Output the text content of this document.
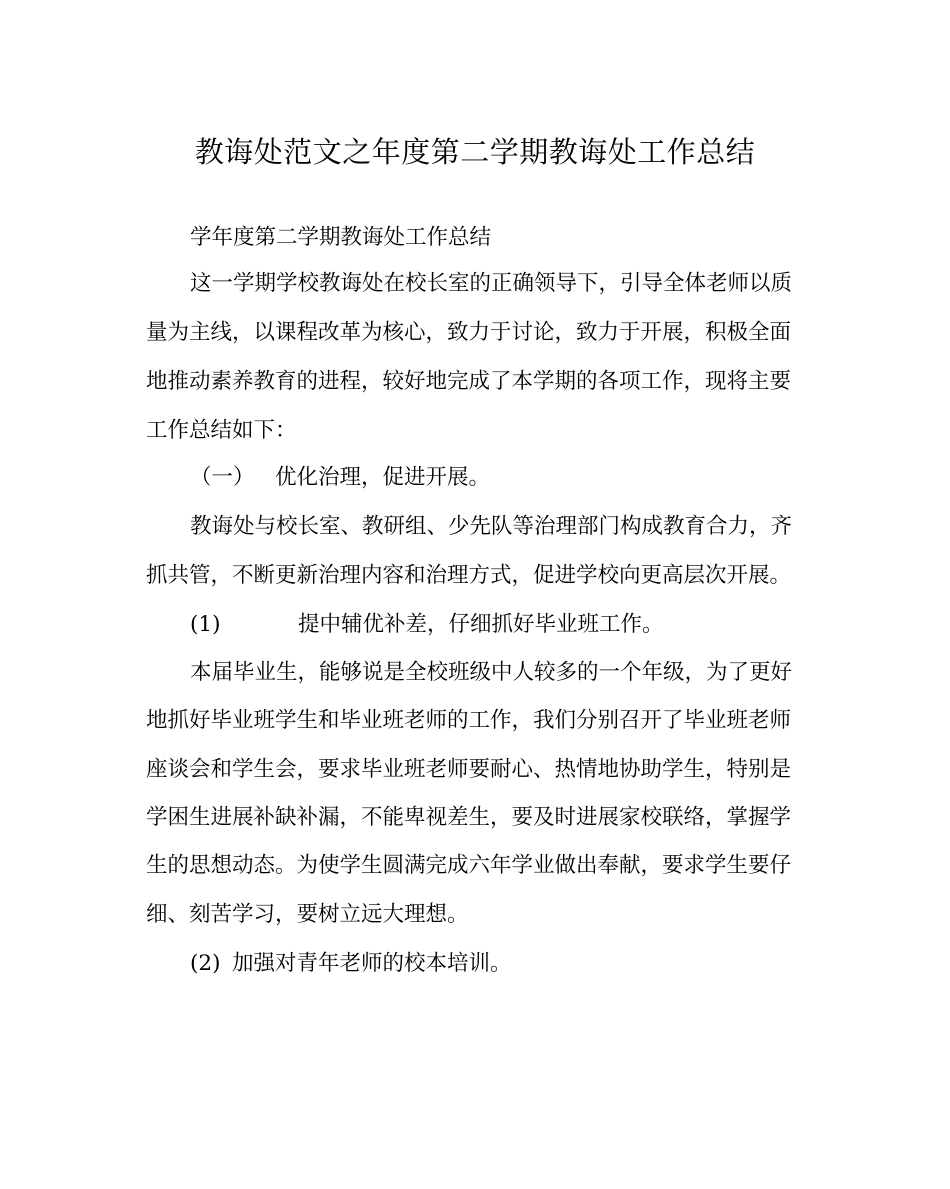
教诲处范文之年度第二学期教诲处工作总结
学年度第二学期教诲处工作总结
这一学期学校教诲处在校长室的正确领导下，引导全体老师以质
量为主线，以课程改革为核心，致力于讨论，致力于开展，积极全面
地推动素养教育的进程，较好地完成了本学期的各项工作，现将主要
工作总结如下：
（一） 优化治理，促进开展。
教诲处与校长室、教研组、少先队等治理部门构成教育合力，齐
抓共管，不断更新治理内容和治理方式，促进学校向更高层次开展。
(1)	提中辅优补差，仔细抓好毕业班工作。
本届毕业生，能够说是全校班级中人较多的一个年级，为了更好
地抓好毕业班学生和毕业班老师的工作，我们分别召开了毕业班老师
座谈会和学生会，要求毕业班老师要耐心、热情地协助学生，特别是
学困生进展补缺补漏，不能卑视差生，要及时进展家校联络，掌握学
生的思想动态。为使学生圆满完成六年学业做出奉献，要求学生要仔
细、刻苦学习，要树立远大理想。
(2) 加强对青年老师的校本培训。
